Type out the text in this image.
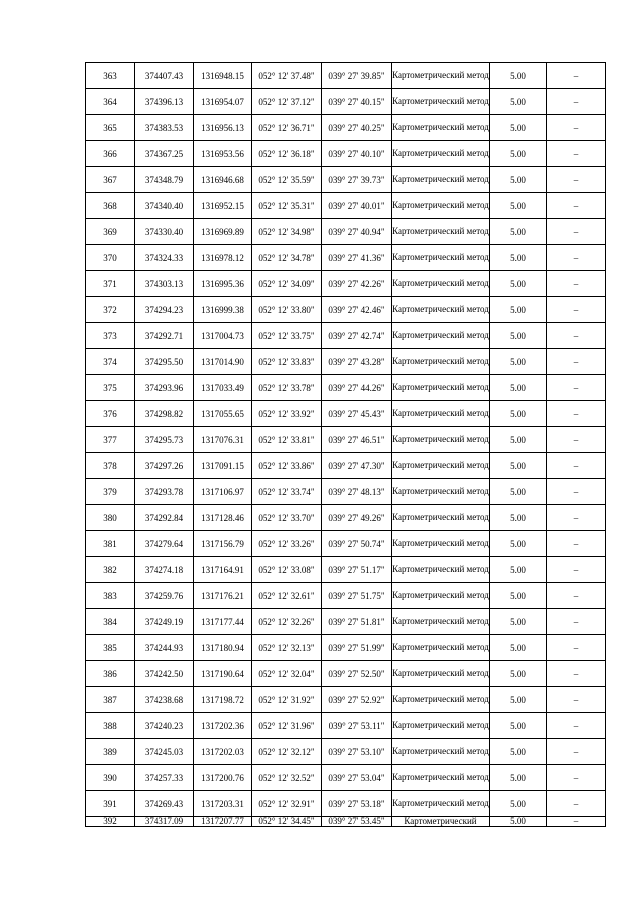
363	374407.43	1316948.15	052° 12' 37.48"	039° 27' 39.85"	Картометрический метод	5.00	–
364	374396.13	1316954.07	052° 12' 37.12"	039° 27' 40.15"	Картометрический метод	5.00	–
365	374383.53	1316956.13	052° 12' 36.71"	039° 27' 40.25"	Картометрический метод	5.00	–
366	374367.25	1316953.56	052° 12' 36.18"	039° 27' 40.10"	Картометрический метод	5.00	–
367	374348.79	1316946.68	052° 12' 35.59"	039° 27' 39.73"	Картометрический метод	5.00	–
368	374340.40	1316952.15	052° 12' 35.31"	039° 27' 40.01"	Картометрический метод	5.00	–
369	374330.40	1316969.89	052° 12' 34.98"	039° 27' 40.94"	Картометрический метод	5.00	–
370	374324.33	1316978.12	052° 12' 34.78"	039° 27' 41.36"	Картометрический метод	5.00	–
371	374303.13	1316995.36	052° 12' 34.09"	039° 27' 42.26"	Картометрический метод	5.00	–
372	374294.23	1316999.38	052° 12' 33.80"	039° 27' 42.46"	Картометрический метод	5.00	–
373	374292.71	1317004.73	052° 12' 33.75"	039° 27' 42.74"	Картометрический метод	5.00	–
374	374295.50	1317014.90	052° 12' 33.83"	039° 27' 43.28"	Картометрический метод	5.00	–
375	374293.96	1317033.49	052° 12' 33.78"	039° 27' 44.26"	Картометрический метод	5.00	–
376	374298.82	1317055.65	052° 12' 33.92"	039° 27' 45.43"	Картометрический метод	5.00	–
377	374295.73	1317076.31	052° 12' 33.81"	039° 27' 46.51"	Картометрический метод	5.00	–
378	374297.26	1317091.15	052° 12' 33.86"	039° 27' 47.30"	Картометрический метод	5.00	–
379	374293.78	1317106.97	052° 12' 33.74"	039° 27' 48.13"	Картометрический метод	5.00	–
380	374292.84	1317128.46	052° 12' 33.70"	039° 27' 49.26"	Картометрический метод	5.00	–
381	374279.64	1317156.79	052° 12' 33.26"	039° 27' 50.74"	Картометрический метод	5.00	–
382	374274.18	1317164.91	052° 12' 33.08"	039° 27' 51.17"	Картометрический метод	5.00	–
383	374259.76	1317176.21	052° 12' 32.61"	039° 27' 51.75"	Картометрический метод	5.00	–
384	374249.19	1317177.44	052° 12' 32.26"	039° 27' 51.81"	Картометрический метод	5.00	–
385	374244.93	1317180.94	052° 12' 32.13"	039° 27' 51.99"	Картометрический метод	5.00	–
386	374242.50	1317190.64	052° 12' 32.04"	039° 27' 52.50"	Картометрический метод	5.00	–
387	374238.68	1317198.72	052° 12' 31.92"	039° 27' 52.92"	Картометрический метод	5.00	–
388	374240.23	1317202.36	052° 12' 31.96"	039° 27' 53.11"	Картометрический метод	5.00	–
389	374245.03	1317202.03	052° 12' 32.12"	039° 27' 53.10"	Картометрический метод	5.00	–
390	374257.33	1317200.76	052° 12' 32.52"	039° 27' 53.04"	Картометрический метод	5.00	–
391	374269.43	1317203.31	052° 12' 32.91"	039° 27' 53.18"	Картометрический метод	5.00	–
392	374317.09	1317207.77	052° 12' 34.45"	039° 27' 53.45"	Картометрический	5.00	–
